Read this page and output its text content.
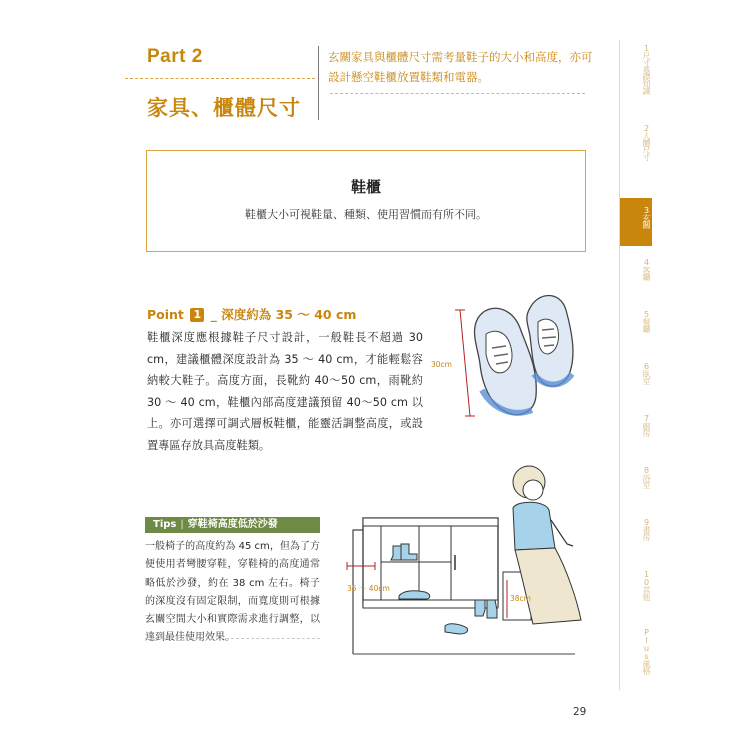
Part 2
家具、櫃體尺寸
玄關家具與櫃體尺寸需考量鞋子的大小和高度，亦可設計懸空鞋櫃放置鞋類和電器。
鞋櫃
鞋櫃大小可視鞋量、種類、使用習慣而有所不同。
Point 1 _ 深度約為 35 ～ 40 cm
鞋櫃深度應根據鞋子尺寸設計，一般鞋長不超過 30 cm，建議櫃體深度設計為 35 ～ 40 cm，才能輕鬆容納較大鞋子。高度方面，長靴約 40～50 cm，雨靴約 30 ～ 40 cm，鞋櫃內部高度建議預留 40～50 cm 以上。亦可選擇可調式層板鞋櫃，能靈活調整高度，或設置專區存放具高度鞋類。
30cm
Tips | 穿鞋椅高度低於沙發
一般椅子的高度約為 45 cm，但為了方便使用者彎腰穿鞋，穿鞋椅的高度通常略低於沙發，約在 38 cm 左右。椅子的深度沒有固定限制，而寬度則可根據玄關空間大小和實際需求進行調整，以達到最佳使用效果。
35 ～ 40cm
38cm
1尺寸基礎知識
2人體尺寸
3玄關
4客廳
5餐廳
6臥室
7廚房
8浴室
9書房
10其他
Plus風格
29
